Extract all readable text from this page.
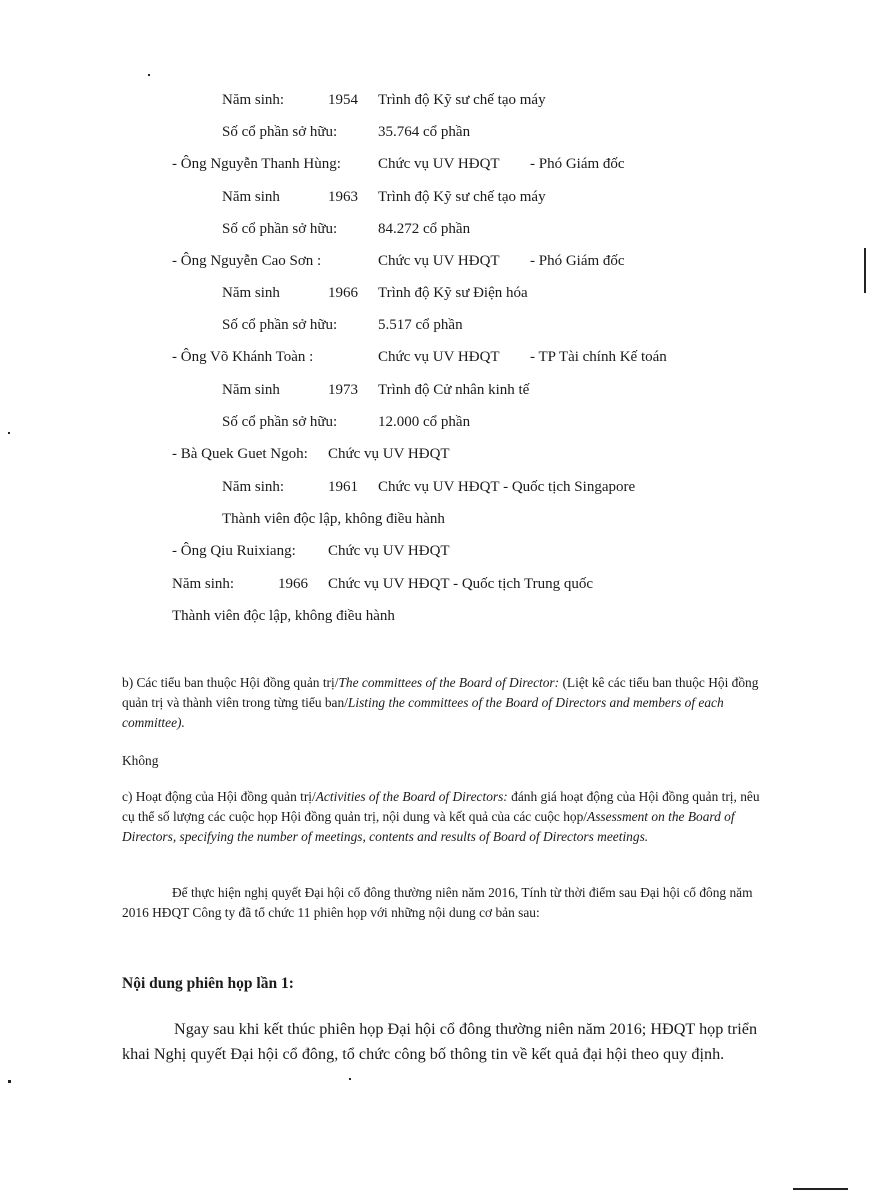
Năm sinh:	1954 Trình độ Kỹ sư chế tạo máy
Số cổ phần sở hữu:	35.764 cổ phần
- Ông Nguyễn Thanh Hùng: Chức vụ UV HĐQT - Phó Giám đốc
Năm sinh	1963 Trình độ Kỹ sư chế tạo máy
Số cổ phần sở hữu:	84.272 cổ phần
- Ông Nguyễn Cao Sơn :	Chức vụ UV HĐQT - Phó Giám đốc
Năm sinh	1966 Trình độ Kỹ sư Điện hóa
Số cổ phần sở hữu:	5.517 cổ phần
- Ông Võ Khánh Toàn :	Chức vụ UV HĐQT - TP Tài chính Kế toán
Năm sinh	1973 Trình độ Cử nhân kinh tế
Số cổ phần sở hữu:	12.000 cổ phần
- Bà Quek Guet Ngoh: Chức vụ UV HĐQT
Năm sinh:	1961 Chức vụ UV HĐQT - Quốc tịch Singapore
Thành viên độc lập, không điều hành
- Ông Qiu Ruixiang: Chức vụ UV HĐQT
Năm sinh:	1966 Chức vụ UV HĐQT - Quốc tịch Trung quốc
Thành viên độc lập, không điều hành
b) Các tiểu ban thuộc Hội đồng quản trị/The committees of the Board of Director: (Liệt kê các tiểu ban thuộc Hội đồng quản trị và thành viên trong từng tiểu ban/Listing the committees of the Board of Directors and members of each committee).
Không
c) Hoạt động của Hội đồng quản trị/Activities of the Board of Directors: đánh giá hoạt động của Hội đồng quản trị, nêu cụ thể số lượng các cuộc họp Hội đồng quản trị, nội dung và kết quả của các cuộc họp/Assessment on the Board of Directors, specifying the number of meetings, contents and results of Board of Directors meetings.
Để thực hiện nghị quyết Đại hội cổ đông thường niên năm 2016, Tính từ thời điểm sau Đại hội cổ đông năm 2016 HĐQT Công ty đã tổ chức 11 phiên họp với những nội dung cơ bản sau:
Nội dung phiên họp lần 1:
Ngay sau khi kết thúc phiên họp Đại hội cổ đông thường niên năm 2016; HĐQT họp triển khai Nghị quyết Đại hội cổ đông, tổ chức công bố thông tin về kết quả đại hội theo quy định.
